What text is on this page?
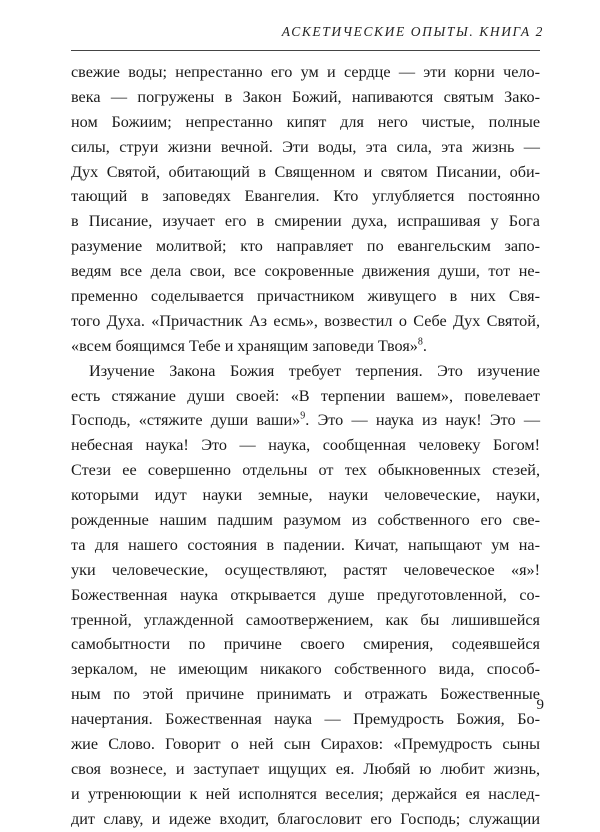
АСКЕТИЧЕСКИЕ ОПЫТЫ. КНИГА 2
свежие воды; непрестанно его ум и сердце — эти корни чело-
века — погружены в Закон Божий, напиваются святым Зако-
ном Божиим; непрестанно кипят для него чистые, полные
силы, струи жизни вечной. Эти воды, эта сила, эта жизнь —
Дух Святой, обитающий в Священном и святом Писании, оби-
тающий в заповедях Евангелия. Кто углубляется постоянно
в Писание, изучает его в смирении духа, испрашивая у Бога
разумение молитвой; кто направляет по евангельским запо-
ведям все дела свои, все сокровенные движения души, тот не-
пременно соделывается причастником живущего в них Свя-
того Духа. «Причастник Аз есмь», возвестил о Себе Дух Святой,
«всем боящимся Тебе и хранящим заповеди Твоя»$^8$.
Изучение Закона Божия требует терпения. Это изучение
есть стяжание души своей: «В терпении вашем», повелевает
Господь, «стяжите души ваши»$^9$. Это — наука из наук! Это —
небесная наука! Это — наука, сообщенная человеку Богом!
Стези ее совершенно отдельны от тех обыкновенных стезей,
которыми идут науки земные, науки человеческие, науки,
рожденные нашим падшим разумом из собственного его све-
та для нашего состояния в падении. Кичат, напыщают ум на-
уки человеческие, осуществляют, растят человеческое «я»!
Божественная наука открывается душе предуготовленной, со-
тренной, углажденной самоотвержением, как бы лишившейся
самобытности по причине своего смирения, содеявшейся
зеркалом, не имеющим никакого собственного вида, способ-
ным по этой причине принимать и отражать Божественные
начертания. Божественная наука — Премудрость Божия, Бо-
жие Слово. Говорит о ней сын Сирахов: «Премудрость сыны
своя вознесе, и заступает ищущих ея. Любяй ю любит жизнь,
и утренюющии к ней исполнятся веселия; держайся ея наслед-
дит славу, и идеже входит, благословит его Господь; служащии
9
